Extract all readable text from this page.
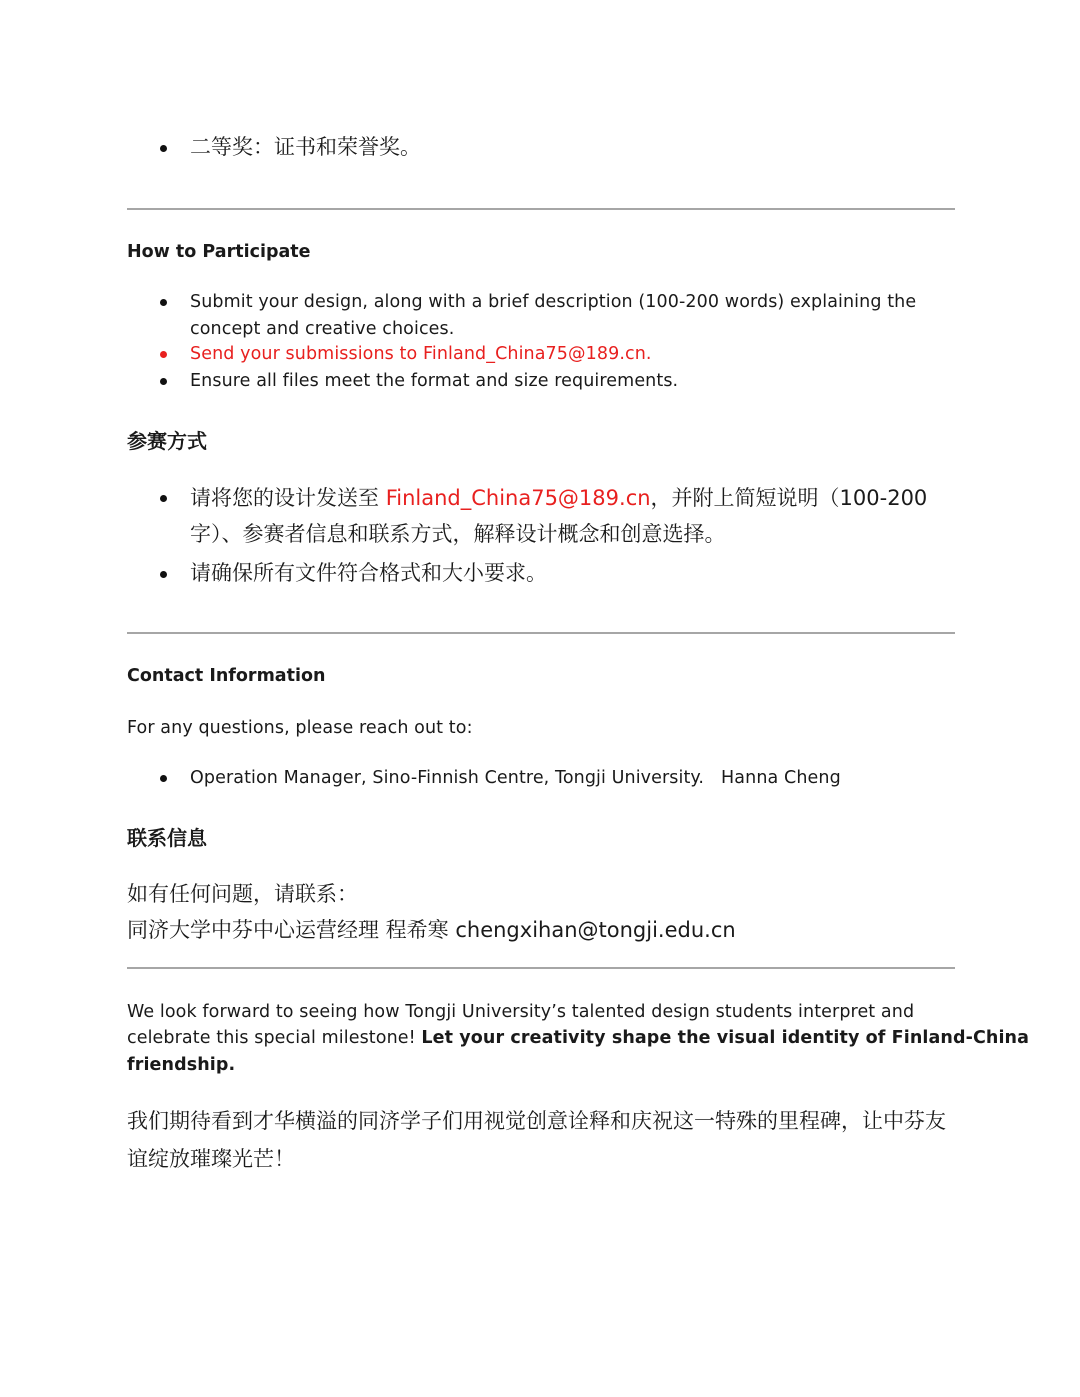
二等奖：证书和荣誉奖。
How to Participate
Submit your design, along with a brief description (100-200 words) explaining the
concept and creative choices.
Send your submissions to Finland_China75@189.cn.
Ensure all files meet the format and size requirements.
参赛方式
请将您的设计发送至 Finland_China75@189.cn，并附上简短说明（100-200
字）、参赛者信息和联系方式，解释设计概念和创意选择。
请确保所有文件符合格式和大小要求。
Contact Information
For any questions, please reach out to:
Operation Manager, Sino-Finnish Centre, Tongji University.   Hanna Cheng
联系信息
如有任何问题，请联系：
同济大学中芬中心运营经理 程希寒 chengxihan@tongji.edu.cn
We look forward to seeing how Tongji University’s talented design students interpret and
celebrate this special milestone! Let your creativity shape the visual identity of Finland-China
friendship.
我们期待看到才华横溢的同济学子们用视觉创意诠释和庆祝这一特殊的里程碑，让中芬友
谊绽放璀璨光芒！
